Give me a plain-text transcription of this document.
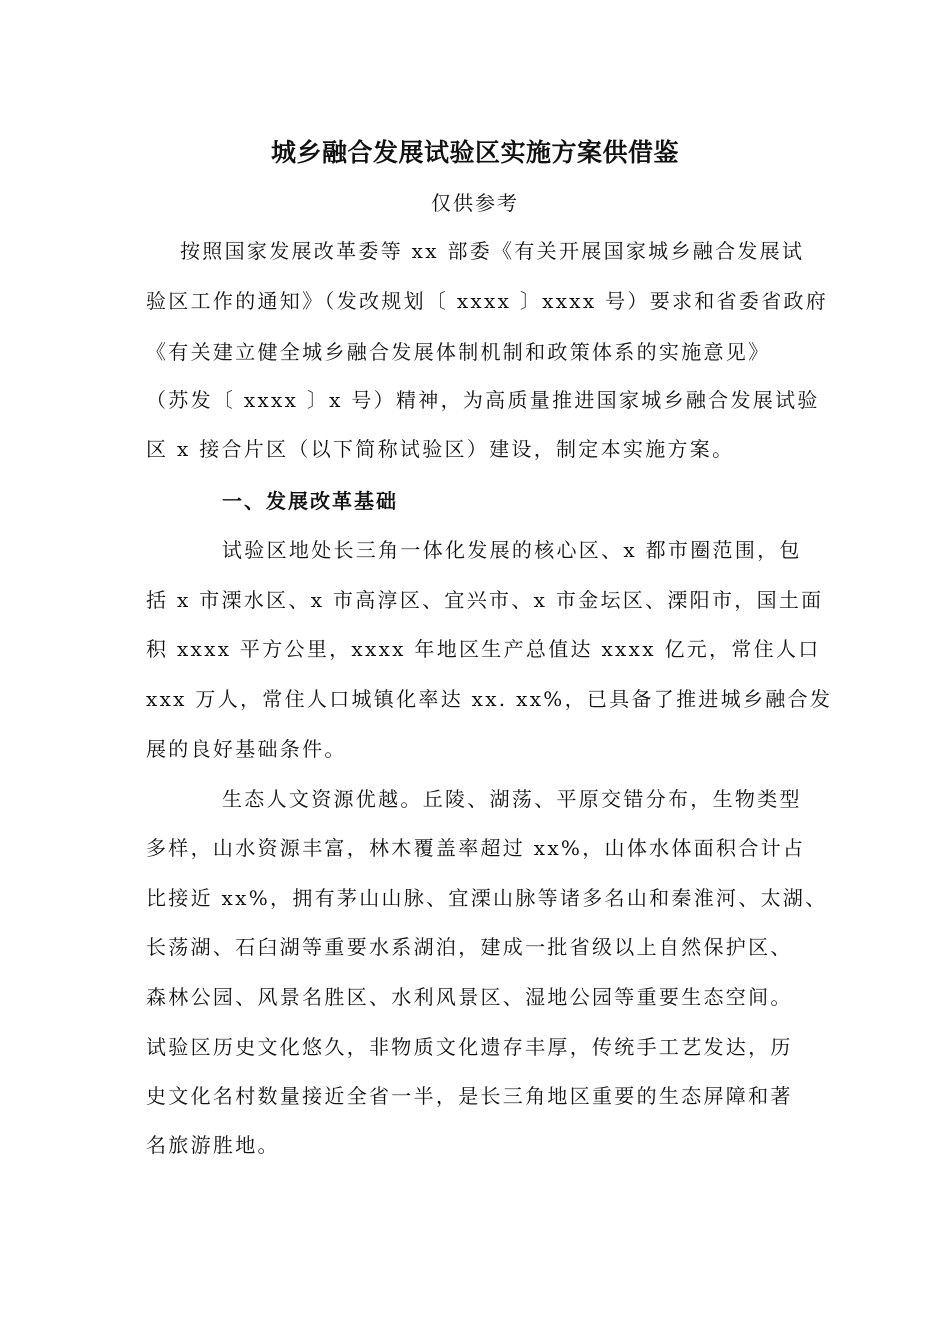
城乡融合发展试验区实施方案供借鉴
仅供参考
按照国家发展改革委等 xx 部委《有关开展国家城乡融合发展试
验区工作的通知》（发改规划〔 xxxx 〕xxxx 号）要求和省委省政府
《有关建立健全城乡融合发展体制机制和政策体系的实施意见》
（苏发〔 xxxx 〕x 号）精神，为高质量推进国家城乡融合发展试验
区 x 接合片区（以下简称试验区）建设，制定本实施方案。
一、发展改革基础
试验区地处长三角一体化发展的核心区、x 都市圈范围，包
括 x 市溧水区、x 市高淳区、宜兴市、x 市金坛区、溧阳市，国土面
积 xxxx 平方公里，xxxx 年地区生产总值达 xxxx 亿元，常住人口
xxx 万人，常住人口城镇化率达 xx. xx%，已具备了推进城乡融合发
展的良好基础条件。
生态人文资源优越。丘陵、湖荡、平原交错分布，生物类型
多样，山水资源丰富，林木覆盖率超过 xx%，山体水体面积合计占
比接近 xx%，拥有茅山山脉、宜溧山脉等诸多名山和秦淮河、太湖、
长荡湖、石臼湖等重要水系湖泊，建成一批省级以上自然保护区、
森林公园、风景名胜区、水利风景区、湿地公园等重要生态空间。
试验区历史文化悠久，非物质文化遗存丰厚，传统手工艺发达，历
史文化名村数量接近全省一半，是长三角地区重要的生态屏障和著
名旅游胜地。
